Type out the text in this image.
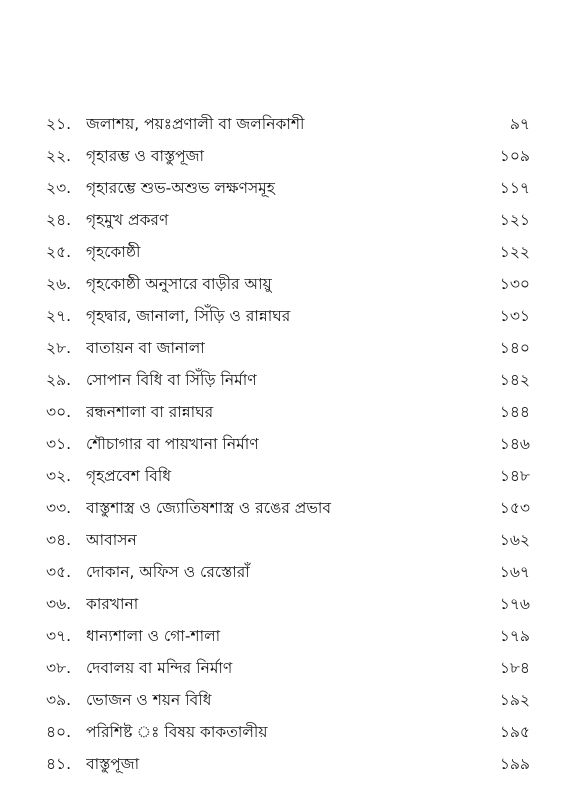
২১. জলাশয়, পয়ঃপ্রণালী বা জলনিকাশী	৯৭
২২. গৃহারম্ভ ও বাস্তুপূজা	১০৯
২৩. গৃহারম্ভে শুভ-অশুভ লক্ষণসমূহ	১১৭
২৪. গৃহমুখ প্রকরণ	১২১
২৫. গৃহকোষ্ঠী	১২২
২৬. গৃহকোষ্ঠী অনুসারে বাড়ীর আয়ু	১৩০
২৭. গৃহদ্বার, জানালা, সিঁড়ি ও রান্নাঘর	১৩১
২৮. বাতায়ন বা জানালা	১৪০
২৯. সোপান বিধি বা সিঁড়ি নির্মাণ	১৪২
৩০. রন্ধনশালা বা রান্নাঘর	১৪৪
৩১. শৌচাগার বা পায়খানা নির্মাণ	১৪৬
৩২. গৃহপ্রবেশ বিধি	১৪৮
৩৩. বাস্তুশাস্ত্র ও জ্যোতিষশাস্ত্র ও রঙের প্রভাব	১৫৩
৩৪. আবাসন	১৬২
৩৫. দোকান, অফিস ও রেস্তোরাঁ	১৬৭
৩৬. কারখানা	১৭৬
৩৭. ধান্যশালা ও গো-শালা	১৭৯
৩৮. দেবালয় বা মন্দির নির্মাণ	১৮৪
৩৯. ভোজন ও শয়ন বিধি	১৯২
৪০. পরিশিষ্ট ঃ বিষয় কাকতালীয়	১৯৫
৪১. বাস্তুপূজা	১৯৯
